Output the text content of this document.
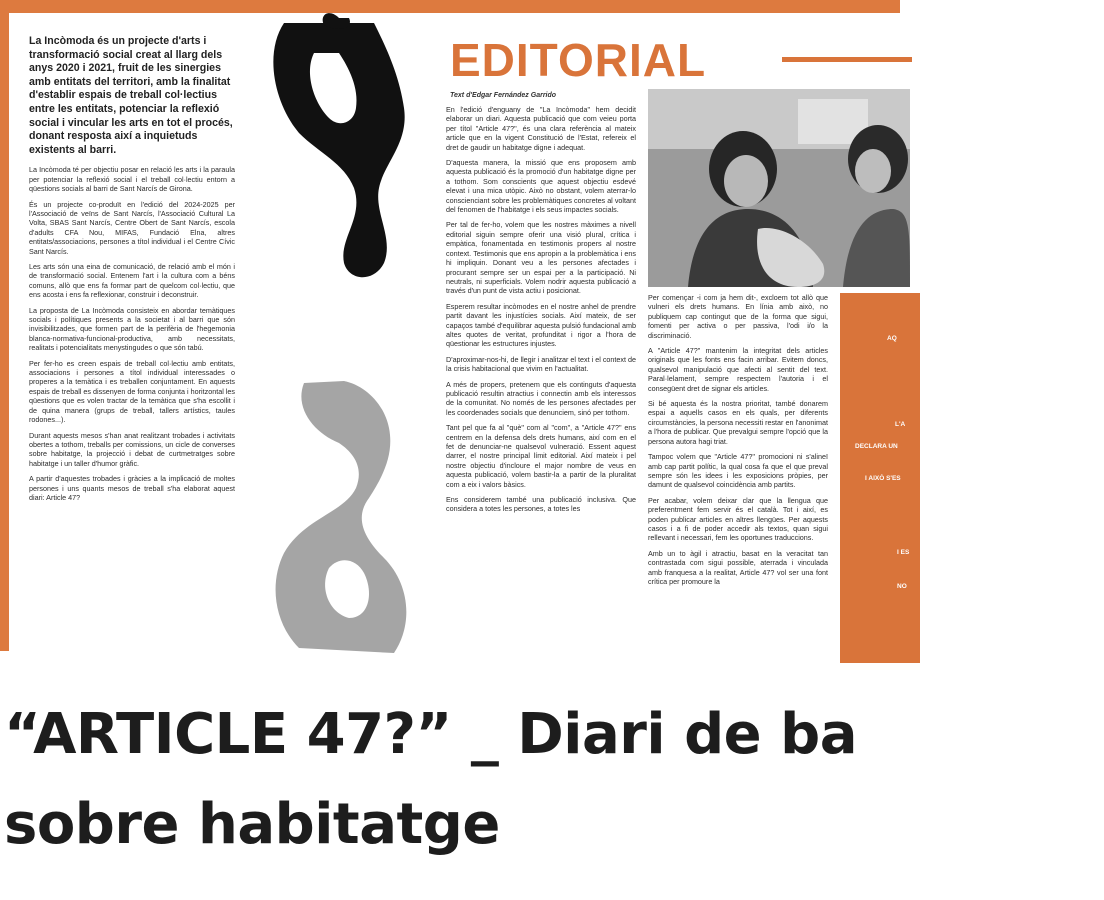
La Incòmoda és un projecte d'arts i transformació social creat al llarg dels anys 2020 i 2021, fruit de les sinergies amb entitats del territori, amb la finalitat d'establir espais de treball col·lectius entre les entitats, potenciar la reflexió social i vincular les arts en tot el procés, donant resposta així a inquietuds existents al barri.

La Incòmoda té per objectiu posar en relació les arts i la paraula per potenciar la reflexió social i el treball col·lectiu entorn a qüestions socials al barri de Sant Narcís de Girona.

És un projecte co-produït en l'edició del 2024-2025 per l'Associació de veïns de Sant Narcís, l'Associació Cultural La Volta, SBAS Sant Narcís, Centre Obert de Sant Narcís, escola d'adults CFA Nou, MIFAS, Fundació Elna, altres entitats/associacions, persones a títol individual i el Centre Cívic Sant Narcís.

Les arts són una eina de comunicació, de relació amb el món i de transformació social. Entenem l'art i la cultura com a béns comuns, allò que ens fa formar part de quelcom col·lectiu, que ens acosta i ens fa reflexionar, construir i deconstruir.

La proposta de La Incòmoda consisteix en abordar temàtiques socials i polítiques presents a la societat i al barri que són invisibilitzades, que formen part de la perifèria de l'hegemonia blanca-normativa-funcional-productiva, amb necessitats, realitats i potencialitats menystingudes o que són tabú.

Per fer-ho es creen espais de treball col·lectiu amb entitats, associacions i persones a títol individual interessades o properes a la temàtica i es treballen conjuntament. En aquests espais de treball es dissenyen de forma conjunta i horitzontal les qüestions que es volen tractar de la temàtica que s'ha escollit i de quina manera (grups de treball, tallers artístics, taules rodones...).

Durant aquests mesos s'han anat realitzant trobades i activitats obertes a tothom, treballs per comissions, un cicle de converses sobre habitatge, la projecció i debat de curtmetratges sobre habitatge i un taller d'humor gràfic.

A partir d'aquestes trobades i gràcies a la implicació de moltes persones i uns quants mesos de treball s'ha elaborat aquest diari: Article 47?

EDITORIAL
Text d'Edgar Fernández Garrido

En l'edició d'enguany de "La Incòmoda" hem decidit elaborar un diari. Aquesta publicació que com veieu porta per títol "Article 47?", és una clara referència al mateix article que en la vigent Constitució de l'Estat, refereix el dret de gaudir un habitatge digne i adequat.

D'aquesta manera, la missió que ens proposem amb aquesta publicació és la promoció d'un habitatge digne per a tothom. Som conscients que aquest objectiu esdevé elevat i una mica utòpic. Això no obstant, volem aterrar-lo conscienciant sobre les problemàtiques concretes al voltant del fenomen de l'habitatge i els seus impactes socials.

Per tal de fer-ho, volem que les nostres màximes a nivell editorial siguin sempre oferir una visió plural, crítica i empàtica, fonamentada en testimonis propers al nostre context. Testimonis que ens apropin a la problemàtica i ens hi impliquin. Donant veu a les persones afectades i procurant sempre ser un espai per a la participació. Ni neutrals, ni superficials. Volem nodrir aquesta publicació a través d'un punt de vista actiu i posicionat.

Esperem resultar incòmodes en el nostre anhel de prendre partit davant les injustícies socials. Així mateix, de ser capaços també d'equilibrar aquesta pulsió fundacional amb altes quotes de veritat, profunditat i rigor a l'hora de qüestionar les estructures injustes.

D'aproximar-nos-hi, de llegir i analitzar el text i el context de la crisis habitacional que vivim en l'actualitat.

A més de propers, pretenem que els continguts d'aquesta publicació resultin atractius i connectin amb els interessos de la comunitat. No només de les persones afectades per les coordenades socials que denunciem, sinó per tothom.

Tant pel que fa al "què" com al "com", a "Article 47?" ens centrem en la defensa dels drets humans, així com en el fet de denunciar-ne qualsevol vulneració. Essent aquest darrer, el nostre principal límit editorial. Així mateix i pel nostre objectiu d'incloure el major nombre de veus en aquesta publicació, volem bastir-la a partir de la pluralitat com a eix i valors bàsics.

Ens considerem també una publicació inclusiva. Que considera a totes les persones, a totes les

Per començar -i com ja hem dit-, excloem tot allò que vulneri els drets humans. En línia amb això, no publiquem cap contingut que de la forma que sigui, fomenti per activa o per passiva, l'odi i/o la discriminació.

A "Article 47?" mantenim la integritat dels articles originals que les fonts ens facin arribar. Evitem doncs, qualsevol manipulació que afecti al sentit del text. Paral·lelament, sempre respectem l'autoria i el consegüent dret de signar els articles.

Si bé aquesta és la nostra prioritat, també donarem espai a aquells casos en els quals, per diferents circumstàncies, la persona necessiti restar en l'anonimat a l'hora de publicar. Que prevalgui sempre l'opció que la persona autora hagi triat.

Tampoc volem que "Article 47?" promocioni ni s'alineï amb cap partit polític, la qual cosa fa que el que preval sempre són les idees i les exposicions pròpies, per damunt de qualsevol coincidència amb partits.

Per acabar, volem deixar clar que la llengua que preferentment fem servir és el català. Tot i així, es poden publicar articles en altres llengües. Per aquests casos i a fi de poder accedir als textos, quan sigui rellevant i necessari, fem les oportunes traduccions.

Amb un to àgil i atractiu, basat en la veracitat tan contrastada com sigui possible, aterrada i vinculada amb franquesa a la realitat, Article 47? vol ser una font crítica per promoure la

AQ
L'A
DECLARA UN
I AIXÒ S'ES
I ES
NO
“ARTICLE 47?” _ Diari de ba
sobre habitatge
